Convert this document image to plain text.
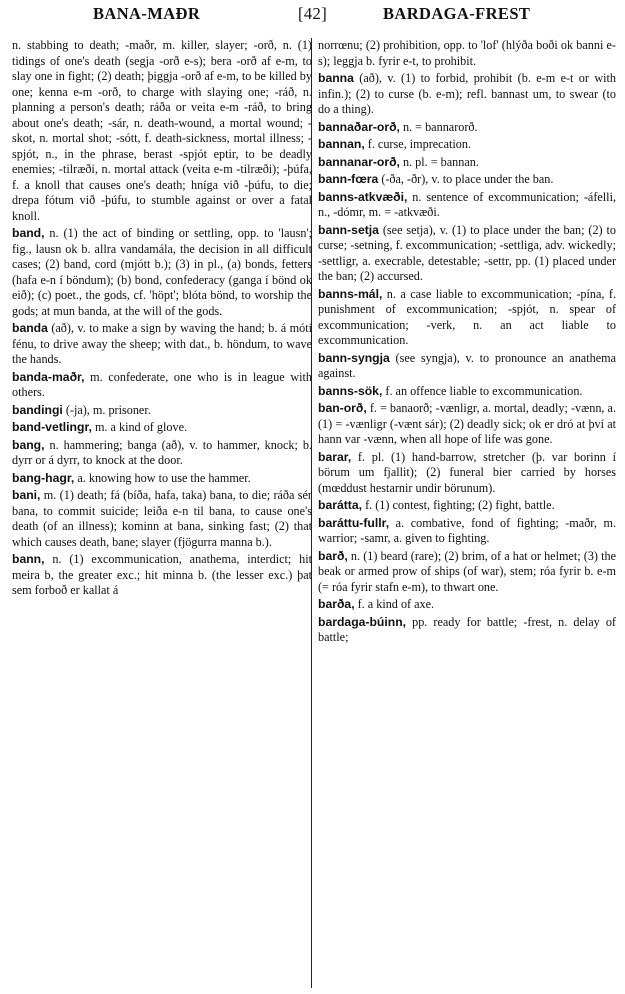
BANA-MAÐR	[42]	BARDAGA-FREST
n. stabbing to death; -maðr, m. killer, slayer; -orð, n. (1) tidings of one's death (segja -orð e-s); bera -orð af e-m, to slay one in fight; (2) death; þiggja -orð af e-m, to be killed by one; kenna e-m -orð, to charge with slaying one; -ráð, n. planning a person's death; ráða or veita e-m -ráð, to bring about one's death; -sár, n. death-wound, a mortal wound; -skot, n. mortal shot; -sótt, f. death-sickness, mortal illness; -spjót, n., in the phrase, berast -spjót eptir, to be deadly enemies; -tilræði, n. mortal attack (veita e-m -tilræði); -þúfa, f. a knoll that causes one's death; hníga við -þúfu, to die; drepa fótum við -þúfu, to stumble against or over a fatal knoll.
band, n. (1) the act of binding or settling, opp. to 'lausn'; fig., lausn ok b. allra vandamála, the decision in all difficult cases; (2) band, cord (mjótt b.); (3) in pl., (a) bonds, fetters (hafa e-n í böndum); (b) bond, confederacy (ganga í bönd ok eið); (c) poet., the gods, cf. 'höpt'; blóta bönd, to worship the gods; at mun banda, at the will of the gods.
banda (að), v. to make a sign by waving the hand; b. á móti fénu, to drive away the sheep; with dat., b. höndum, to wave the hands.
banda-maðr, m. confederate, one who is in league with others.
bandingi (-ja), m. prisoner.
band-vetlingr, m. a kind of glove.
bang, n. hammering; banga (að), v. to hammer, knock; b. dyrr or á dyrr, to knock at the door.
bang-hagr, a. knowing how to use the hammer.
bani, m. (1) death; fá (bíða, hafa, taka) bana, to die; ráða sér bana, to commit suicide; leiða e-n til bana, to cause one's death (of an illness); kominn at bana, sinking fast; (2) that which causes death, bane; slayer (fjögurra manna b.).
bann, n. (1) excommunication, anathema, interdict; hit meira b, the greater exc.; hit minna b. (the lesser exc.) þat sem forboð er kallat á
norrœnu; (2) prohibition, opp. to 'lof' (hlýða boði ok banni e-s); leggja b. fyrir e-t, to prohibit.
banna (að), v. (1) to forbid, prohibit (b. e-m e-t or with infin.); (2) to curse (b. e-m); refl. bannast um, to swear (to do a thing).
bannaðar-orð, n. = bannarorð.
bannan, f. curse, imprecation.
bannanar-orð, n. pl. = bannan.
bann-fœra (-ða, -ðr), v. to place under the ban.
banns-atkvæði, n. sentence of excommunication; -áfelli, n., -dómr, m. = -atkvæði.
bann-setja (see setja), v. (1) to place under the ban; (2) to curse; -setning, f. excommunication; -settliga, adv. wickedly; -settligr, a. execrable, detestable; -settr, pp. (1) placed under the ban; (2) accursed.
banns-mál, n. a case liable to excommunication; -pína, f. punishment of excommunication; -spjót, n. spear of excommunication; -verk, n. an act liable to excommunication.
bann-syngja (see syngja), v. to pronounce an anathema against.
banns-sök, f. an offence liable to excommunication.
ban-orð, f. = banaorð; -vænligr, a. mortal, deadly; -vænn, a. (1) = -vænligr (-vænt sár); (2) deadly sick; ok er dró at því at hann var -vænn, when all hope of life was gone.
barar, f. pl. (1) hand-barrow, stretcher (þ. var borinn í börum um fjallit); (2) funeral bier carried by horses (mœddust hestarnir undir börunum).
barátta, f. (1) contest, fighting; (2) fight, battle.
baráttu-fullr, a. combative, fond of fighting; -maðr, m. warrior; -samr, a. given to fighting.
barð, n. (1) beard (rare); (2) brim, of a hat or helmet; (3) the beak or armed prow of ships (of war), stem; róa fyrir b. e-m (= róa fyrir stafn e-m), to thwart one.
barða, f. a kind of axe.
bardaga-búinn, pp. ready for battle; -frest, n. delay of battle;
